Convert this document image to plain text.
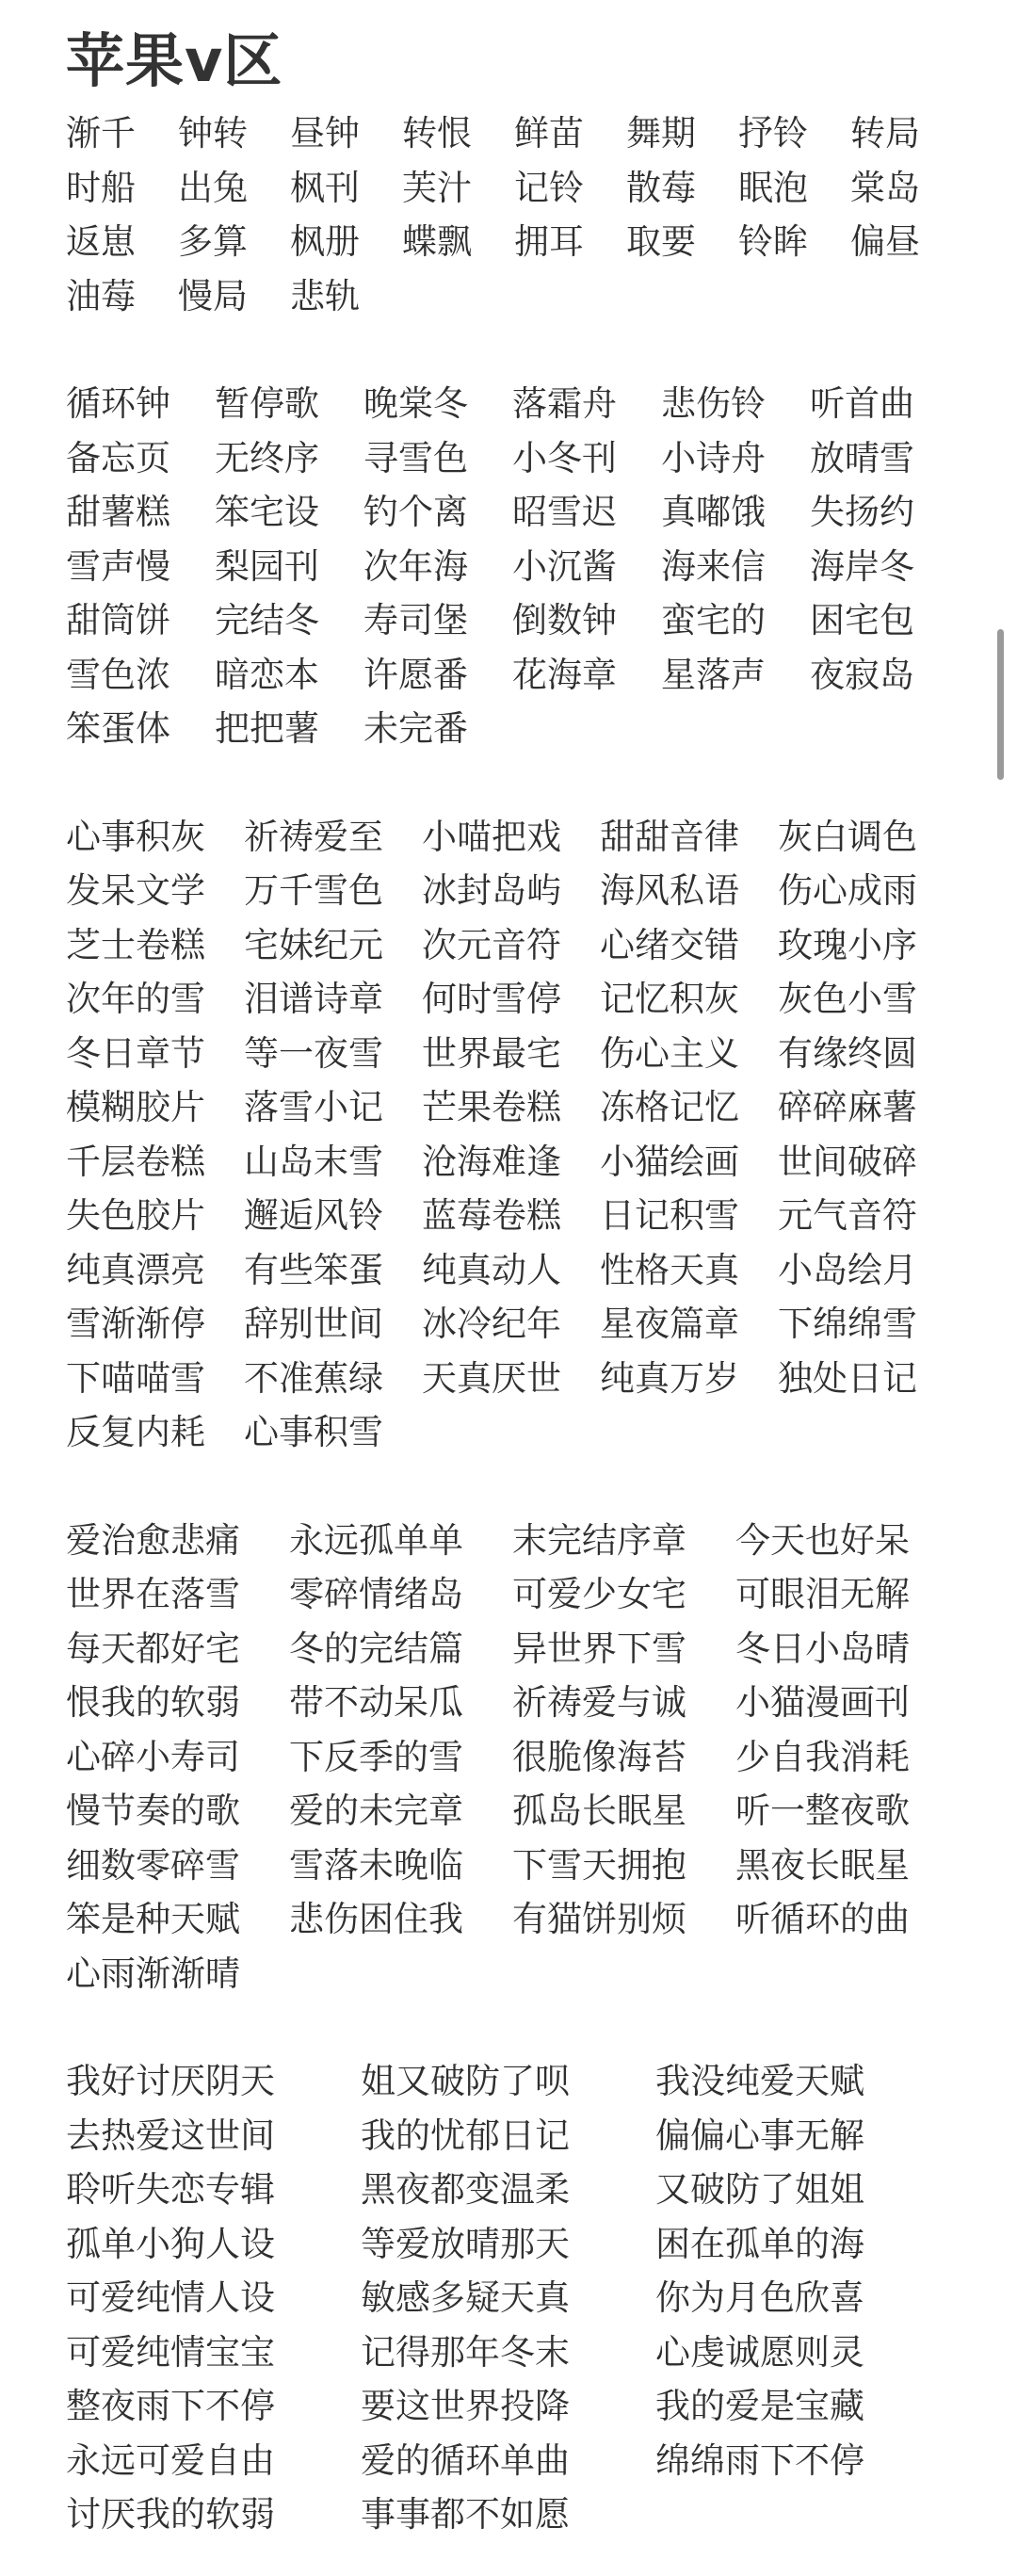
苹果v区
渐千	钟转	昼钟	转恨	鲜苗	舞期	抒铃	转局
时船	出兔	枫刊	芙汁	记铃	散莓	眠泡	棠岛
返崽	多算	枫册	蝶飘	拥耳	取要	铃眸	偏昼
油莓	慢局	悲轨
循环钟	暂停歌	晚棠冬	落霜舟	悲伤铃	听首曲
备忘页	无终序	寻雪色	小冬刊	小诗舟	放晴雪
甜薯糕	笨宅设	钓个离	昭雪迟	真嘟饿	失扬约
雪声慢	梨园刊	次年海	小沉酱	海来信	海岸冬
甜筒饼	完结冬	寿司堡	倒数钟	蛮宅的	困宅包
雪色浓	暗恋本	许愿番	花海章	星落声	夜寂岛
笨蛋体	把把薯	未完番
心事积灰	祈祷爱至	小喵把戏	甜甜音律	灰白调色
发呆文学	万千雪色	冰封岛屿	海风私语	伤心成雨
芝士卷糕	宅妹纪元	次元音符	心绪交错	玫瑰小序
次年的雪	泪谱诗章	何时雪停	记忆积灰	灰色小雪
冬日章节	等一夜雪	世界最宅	伤心主义	有缘终圆
模糊胶片	落雪小记	芒果卷糕	冻格记忆	碎碎麻薯
千层卷糕	山岛末雪	沧海难逢	小猫绘画	世间破碎
失色胶片	邂逅风铃	蓝莓卷糕	日记积雪	元气音符
纯真漂亮	有些笨蛋	纯真动人	性格天真	小岛绘月
雪渐渐停	辞别世间	冰冷纪年	星夜篇章	下绵绵雪
下喵喵雪	不准蕉绿	天真厌世	纯真万岁	独处日记
反复内耗	心事积雪
爱治愈悲痛	永远孤单单	末完结序章	今天也好呆
世界在落雪	零碎情绪岛	可爱少女宅	可眼泪无解
每天都好宅	冬的完结篇	异世界下雪	冬日小岛晴
恨我的软弱	带不动呆瓜	祈祷爱与诚	小猫漫画刊
心碎小寿司	下反季的雪	很脆像海苔	少自我消耗
慢节奏的歌	爱的未完章	孤岛长眠星	听一整夜歌
细数零碎雪	雪落未晚临	下雪天拥抱	黑夜长眠星
笨是种天赋	悲伤困住我	有猫饼别烦	听循环的曲
心雨渐渐晴
我好讨厌阴天	姐又破防了呗	我没纯爱天赋
去热爱这世间	我的忧郁日记	偏偏心事无解
聆听失恋专辑	黑夜都变温柔	又破防了姐姐
孤单小狗人设	等爱放晴那天	困在孤单的海
可爱纯情人设	敏感多疑天真	你为月色欣喜
可爱纯情宝宝	记得那年冬末	心虔诚愿则灵
整夜雨下不停	要这世界投降	我的爱是宝藏
永远可爱自由	爱的循环单曲	绵绵雨下不停
讨厌我的软弱	事事都不如愿
